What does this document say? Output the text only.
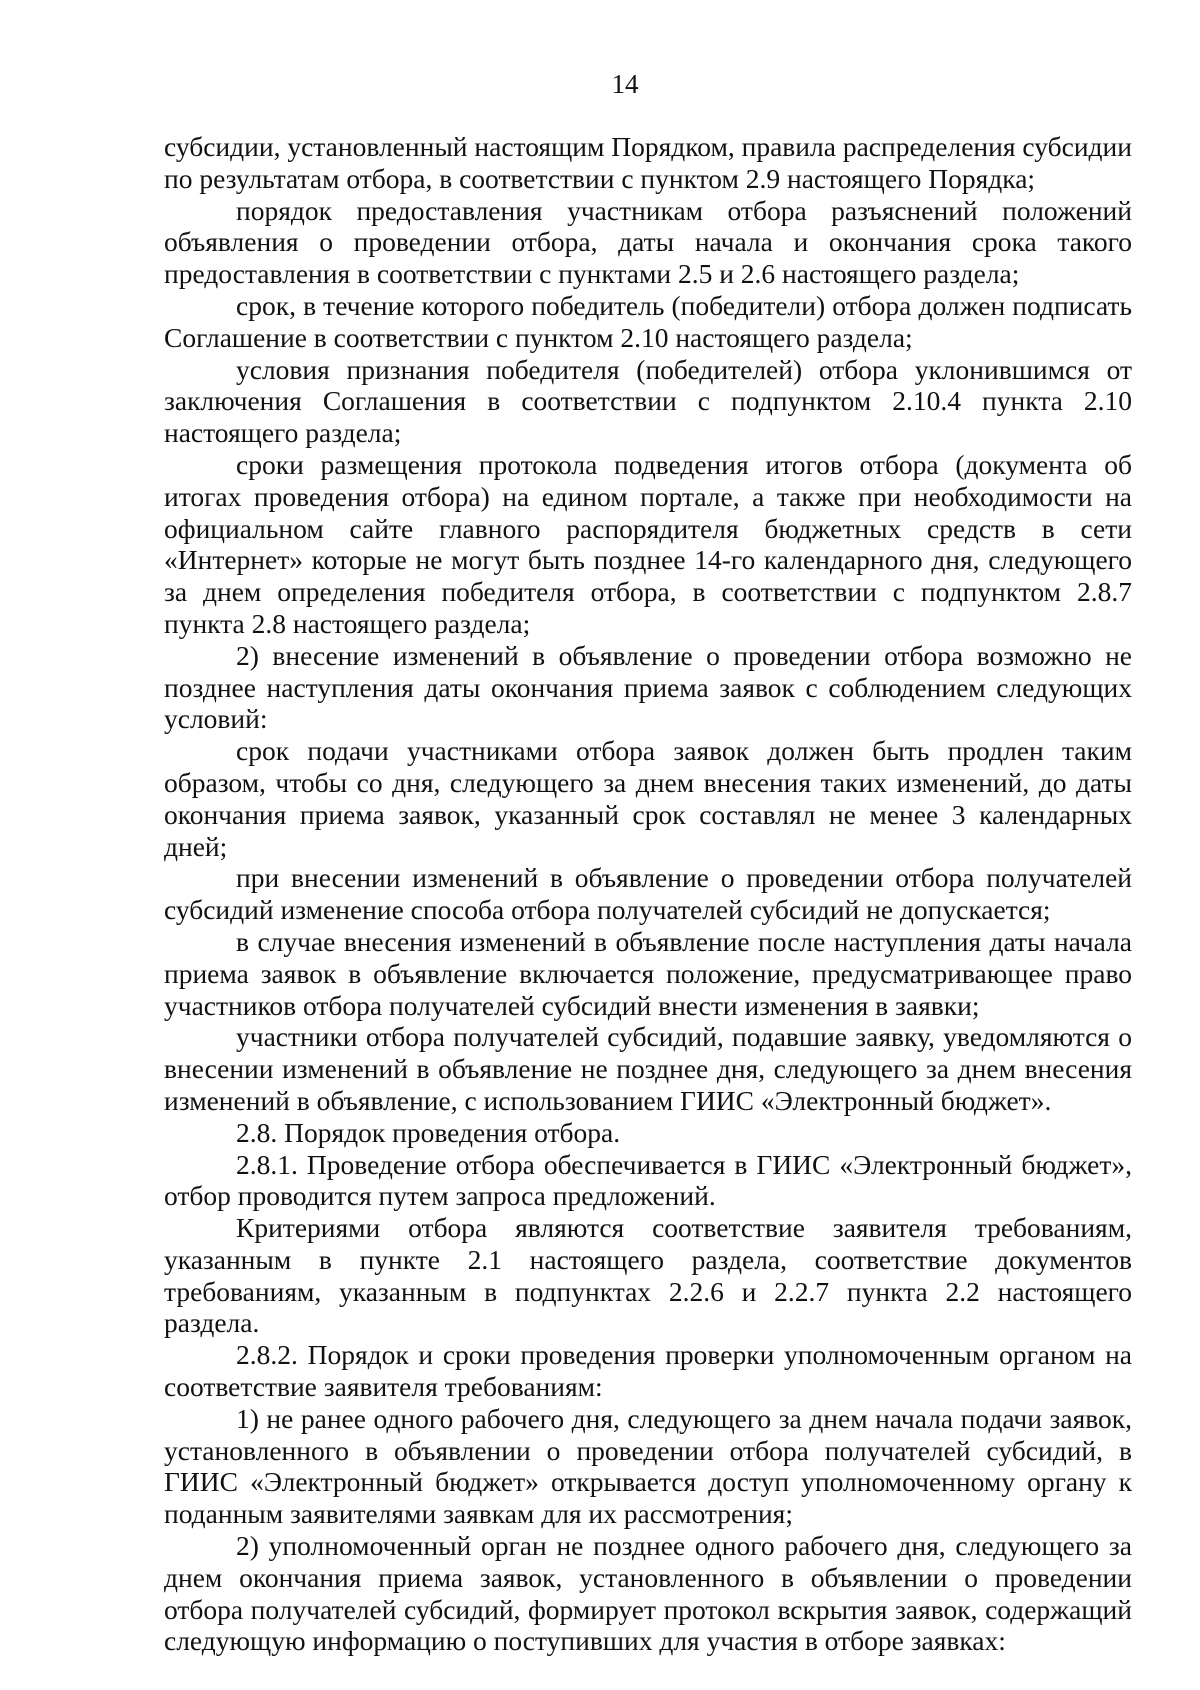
14

субсидии, установленный настоящим Порядком, правила распределения субсидии по результатам отбора, в соответствии с пунктом 2.9 настоящего Порядка;

порядок предоставления участникам отбора разъяснений положений объявления о проведении отбора, даты начала и окончания срока такого предоставления в соответствии с пунктами 2.5 и 2.6 настоящего раздела;

срок, в течение которого победитель (победители) отбора должен подписать Соглашение в соответствии с пунктом 2.10 настоящего раздела;

условия признания победителя (победителей) отбора уклонившимся от заключения Соглашения в соответствии с подпунктом 2.10.4 пункта 2.10 настоящего раздела;

сроки размещения протокола подведения итогов отбора (документа об итогах проведения отбора) на едином портале, а также при необходимости на официальном сайте главного распорядителя бюджетных средств в сети «Интернет» которые не могут быть позднее 14-го календарного дня, следующего за днем определения победителя отбора, в соответствии с подпунктом 2.8.7 пункта 2.8 настоящего раздела;

2) внесение изменений в объявление о проведении отбора возможно не позднее наступления даты окончания приема заявок с соблюдением следующих условий:

срок подачи участниками отбора заявок должен быть продлен таким образом, чтобы со дня, следующего за днем внесения таких изменений, до даты окончания приема заявок, указанный срок составлял не менее 3 календарных дней;

при внесении изменений в объявление о проведении отбора получателей субсидий изменение способа отбора получателей субсидий не допускается;

в случае внесения изменений в объявление после наступления даты начала приема заявок в объявление включается положение, предусматривающее право участников отбора получателей субсидий внести изменения в заявки;

участники отбора получателей субсидий, подавшие заявку, уведомляются о внесении изменений в объявление не позднее дня, следующего за днем внесения изменений в объявление, с использованием ГИИС «Электронный бюджет».

2.8. Порядок проведения отбора.

2.8.1. Проведение отбора обеспечивается в ГИИС «Электронный бюджет», отбор проводится путем запроса предложений.

Критериями отбора являются соответствие заявителя требованиям, указанным в пункте 2.1 настоящего раздела, соответствие документов требованиям, указанным в подпунктах 2.2.6 и 2.2.7 пункта 2.2 настоящего раздела.

2.8.2. Порядок и сроки проведения проверки уполномоченным органом на соответствие заявителя требованиям:

1) не ранее одного рабочего дня, следующего за днем начала подачи заявок, установленного в объявлении о проведении отбора получателей субсидий, в ГИИС «Электронный бюджет» открывается доступ уполномоченному органу к поданным заявителями заявкам для их рассмотрения;

2) уполномоченный орган не позднее одного рабочего дня, следующего за днем окончания приема заявок, установленного в объявлении о проведении отбора получателей субсидий, формирует протокол вскрытия заявок, содержащий следующую информацию о поступивших для участия в отборе заявках:
